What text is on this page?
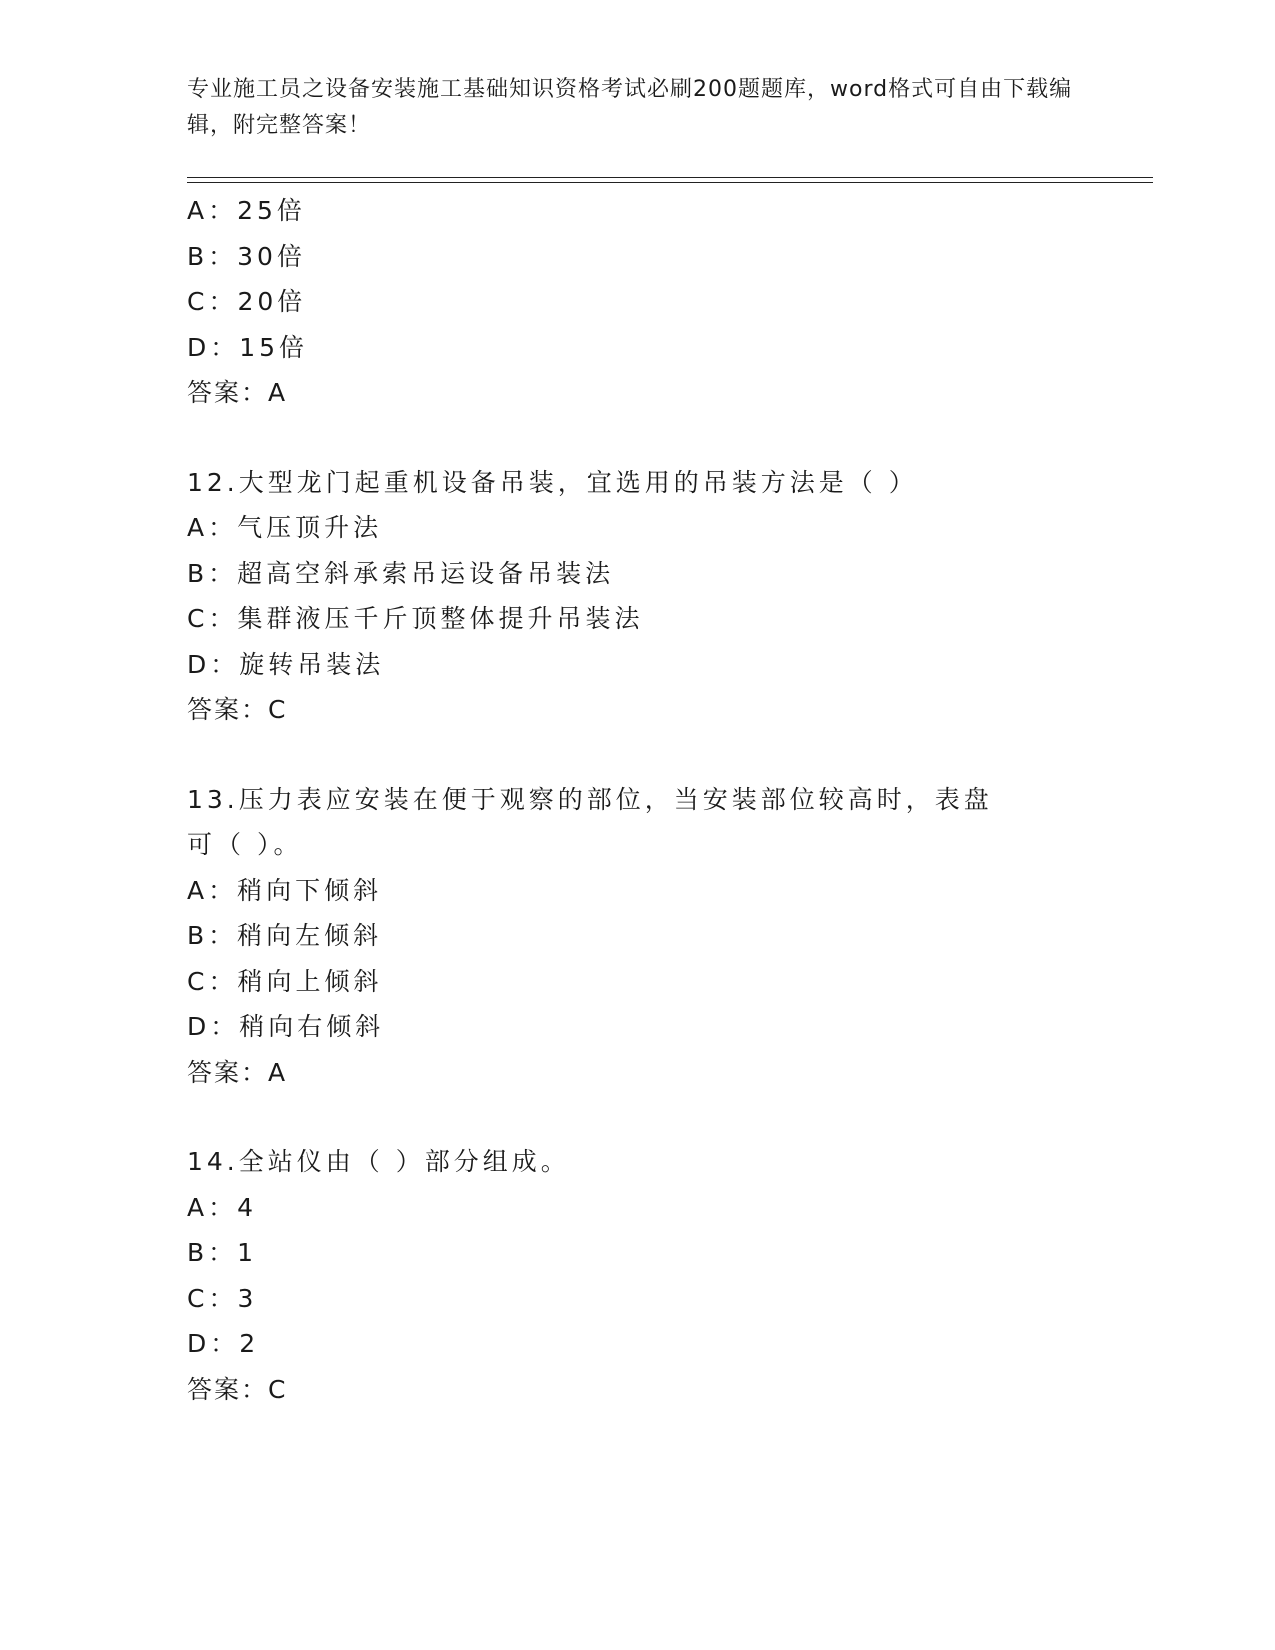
专业施工员之设备安装施工基础知识资格考试必刷200题题库，word格式可自由下载编辑，附完整答案！
A：25倍
B：30倍
C：20倍
D：15倍
答案：A
12.大型龙门起重机设备吊装，宜选用的吊装方法是（ ）
A：气压顶升法
B：超高空斜承索吊运设备吊装法
C：集群液压千斤顶整体提升吊装法
D：旋转吊装法
答案：C
13.压力表应安装在便于观察的部位，当安装部位较高时，表盘可（ ）。
A：稍向下倾斜
B：稍向左倾斜
C：稍向上倾斜
D：稍向右倾斜
答案：A
14.全站仪由（ ）部分组成。
A：4
B：1
C：3
D：2
答案：C
